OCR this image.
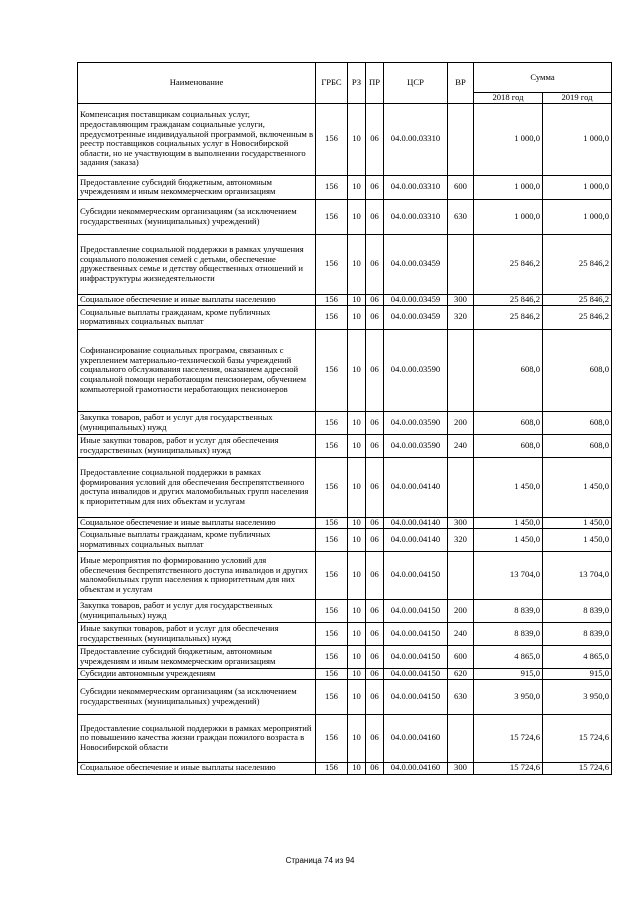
Наименование	ГРБС	РЗ	ПР	ЦСР	ВР	Сумма	
						2018 год	2019 год
Компенсация поставщикам социальных услуг, предоставляющим гражданам социальные услуги, предусмотренные индивидуальной программой, включенным в реестр поставщиков социальных услуг в Новосибирской области, но не участвующим в выполнении государственного задания (заказа)	156	10	06	04.0.00.03310		1 000,0	1 000,0
Предоставление субсидий бюджетным, автономным учреждениям и иным некоммерческим организациям	156	10	06	04.0.00.03310	600	1 000,0	1 000,0
Субсидии некоммерческим организациям (за исключением государственных (муниципальных) учреждений)	156	10	06	04.0.00.03310	630	1 000,0	1 000,0
Предоставление социальной поддержки в рамках улучшения социального положения семей с детьми, обеспечение дружественных семье и детству общественных отношений и инфраструктуры жизнедеятельности	156	10	06	04.0.00.03459		25 846,2	25 846,2
Социальное обеспечение и иные выплаты населению	156	10	06	04.0.00.03459	300	25 846,2	25 846,2
Социальные выплаты гражданам, кроме публичных нормативных социальных выплат	156	10	06	04.0.00.03459	320	25 846,2	25 846,2
Софинансирование социальных программ, связанных с укреплением материально-технической базы учреждений социального обслуживания населения, оказанием адресной социальной помощи неработающим пенсионерам, обучением компьютерной грамотности неработающих пенсионеров	156	10	06	04.0.00.03590		608,0	608,0
Закупка товаров, работ и услуг для государственных (муниципальных) нужд	156	10	06	04.0.00.03590	200	608,0	608,0
Иные закупки товаров, работ и услуг для обеспечения государственных (муниципальных) нужд	156	10	06	04.0.00.03590	240	608,0	608,0
Предоставление социальной поддержки в рамках формирования условий для обеспечения беспрепятственного доступа инвалидов и других маломобильных групп населения к приоритетным для них объектам и услугам	156	10	06	04.0.00.04140		1 450,0	1 450,0
Социальное обеспечение и иные выплаты населению	156	10	06	04.0.00.04140	300	1 450,0	1 450,0
Социальные выплаты гражданам, кроме публичных нормативных социальных выплат	156	10	06	04.0.00.04140	320	1 450,0	1 450,0
Иные мероприятия по формированию условий для обеспечения беспрепятственного доступа инвалидов и других маломобильных групп населения к приоритетным для них объектам и услугам	156	10	06	04.0.00.04150		13 704,0	13 704,0
Закупка товаров, работ и услуг для государственных (муниципальных) нужд	156	10	06	04.0.00.04150	200	8 839,0	8 839,0
Иные закупки товаров, работ и услуг для обеспечения государственных (муниципальных) нужд	156	10	06	04.0.00.04150	240	8 839,0	8 839,0
Предоставление субсидий бюджетным, автономным учреждениям и иным некоммерческим организациям	156	10	06	04.0.00.04150	600	4 865,0	4 865,0
Субсидии автономным учреждениям	156	10	06	04.0.00.04150	620	915,0	915,0
Субсидии некоммерческим организациям (за исключением государственных (муниципальных) учреждений)	156	10	06	04.0.00.04150	630	3 950,0	3 950,0
Предоставление социальной поддержки в рамках мероприятий по повышению качества жизни граждан пожилого возраста в Новосибирской области	156	10	06	04.0.00.04160		15 724,6	15 724,6
Социальное обеспечение и иные выплаты населению	156	10	06	04.0.00.04160	300	15 724,6	15 724,6
Страница 74 из 94
